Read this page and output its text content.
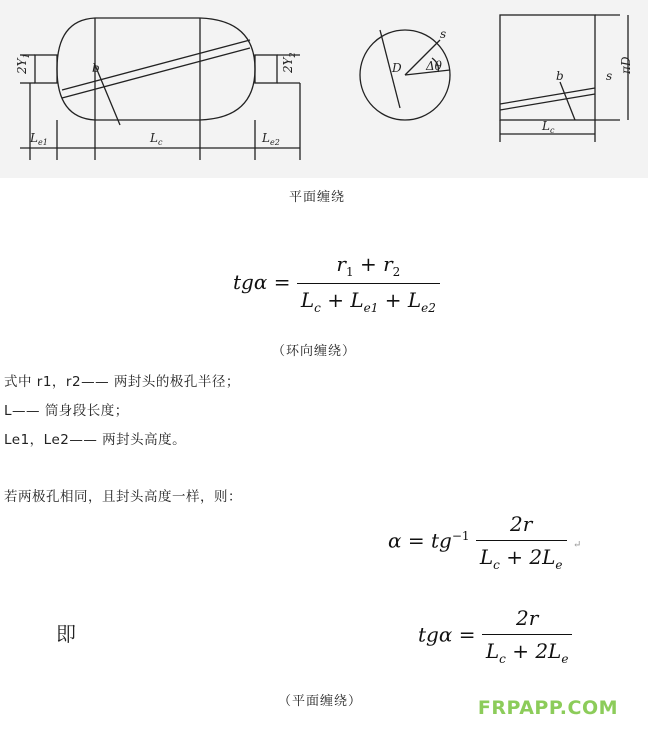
$2Y_1$
$2Y_2$
b
$L_{e1}$	$L_c$	$L_{e2}$
D
s
Δθ
b	s
πD
$L_c$
平面缠绕
$tg\alpha = \frac{r_1 + r_2}{L_c + L_{e1} + L_{e2}}$
（环向缠绕）
式中 r1，r2—— 两封头的极孔半径；
L—— 筒身段长度；
Le1，Le2—— 两封头高度。
若两极孔相同，且封头高度一样，则：
$\alpha = tg^{-1} \frac{2r}{L_c + 2L_e}$ ↵
即	$tg\alpha = \frac{2r}{L_c + 2L_e}$
（平面缠绕）	FRPAPP.COM
